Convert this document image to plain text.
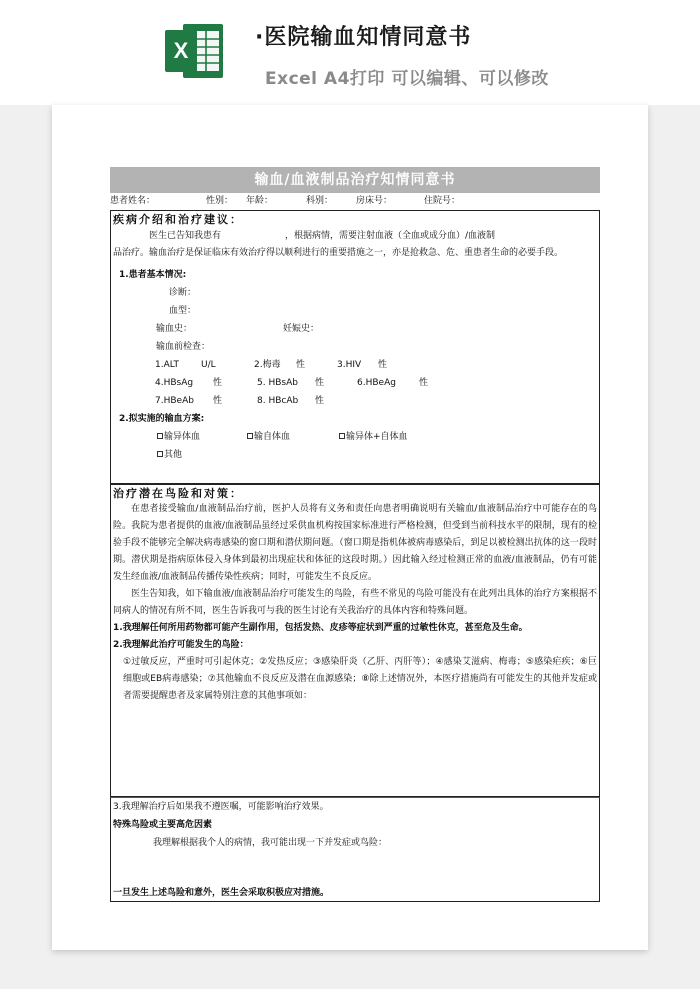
X
·医院输血知情同意书
Excel A4打印 可以编辑、可以修改
输血/血液制品治疗知情同意书
患者姓名：	性别： 年龄：	科别：	房床号：	住院号：
疾病介绍和治疗建议：
医生已告知我患有	，根据病情，需要注射血液（全血或成分血）/血液制
品治疗。输血治疗是保证临床有效治疗得以顺利进行的重要措施之一，亦是抢救急、危、重患者生命的必要手段。
1.患者基本情况:
诊断：
血型：
输血史：	妊娠史：
输血前检查：
1.ALT U/L	2.梅毒 性	3.HIV 性
4.HBsAg 性	5. HBsAb 性	6.HBeAg	性
7.HBeAb 性	8. HBcAb 性
2.拟实施的输血方案:
输异体血	输自体血	输异体+自体血
其他
治疗潜在鸟险和对策：
在患者接受输血/血液制品治疗前，医护人员将有义务和责任向患者明确说明有关输血/血液制品治疗中可能存在的鸟险。我院为患者提供的血液/血液制品虽经过采供血机构按国家标准进行严格检测，但受到当前科技水平的限制，现有的检验手段不能够完全解决病毒感染的窗口期和潜伏期问题。（窗口期是指机体被病毒感染后，到足以被检测出抗体的这一段时期。潜伏期是指病原体侵入身体到最初出现症状和体征的这段时期。）因此输入经过检测正常的血液/血液制品，仍有可能发生经血液/血液制品传播传染性疾病；同时，可能发生不良反应。
医生告知我，如下输血液/血液制品治疗可能发生的鸟险，有些不常见的鸟险可能没有在此列出具体的治疗方案根据不同病人的情况有所不同，医生告诉我可与我的医生讨论有关我治疗的具体内容和特殊问题。
1.我理解任何所用药物都可能产生副作用，包括发热、皮疹等症状到严重的过敏性休克，甚至危及生命。
2.我理解此治疗可能发生的鸟险：
①过敏反应，严重时可引起休克；②发热反应；③感染肝炎（乙肝、丙肝等）；④感染艾滋病、梅毒；⑤感染疟疾；⑥巨细胞或EB病毒感染；⑦其他输血不良反应及潜在血源感染；⑧除上述情况外，本医疗措施尚有可能发生的其他并发症或者需要提醒患者及家属特别注意的其他事项如：
3.我理解治疗后如果我不遵医嘱，可能影响治疗效果。
特殊鸟险或主要高危因素
我理解根据我个人的病情，我可能出现一下并发症或鸟险：
一旦发生上述鸟险和意外，医生会采取积极应对措施。
